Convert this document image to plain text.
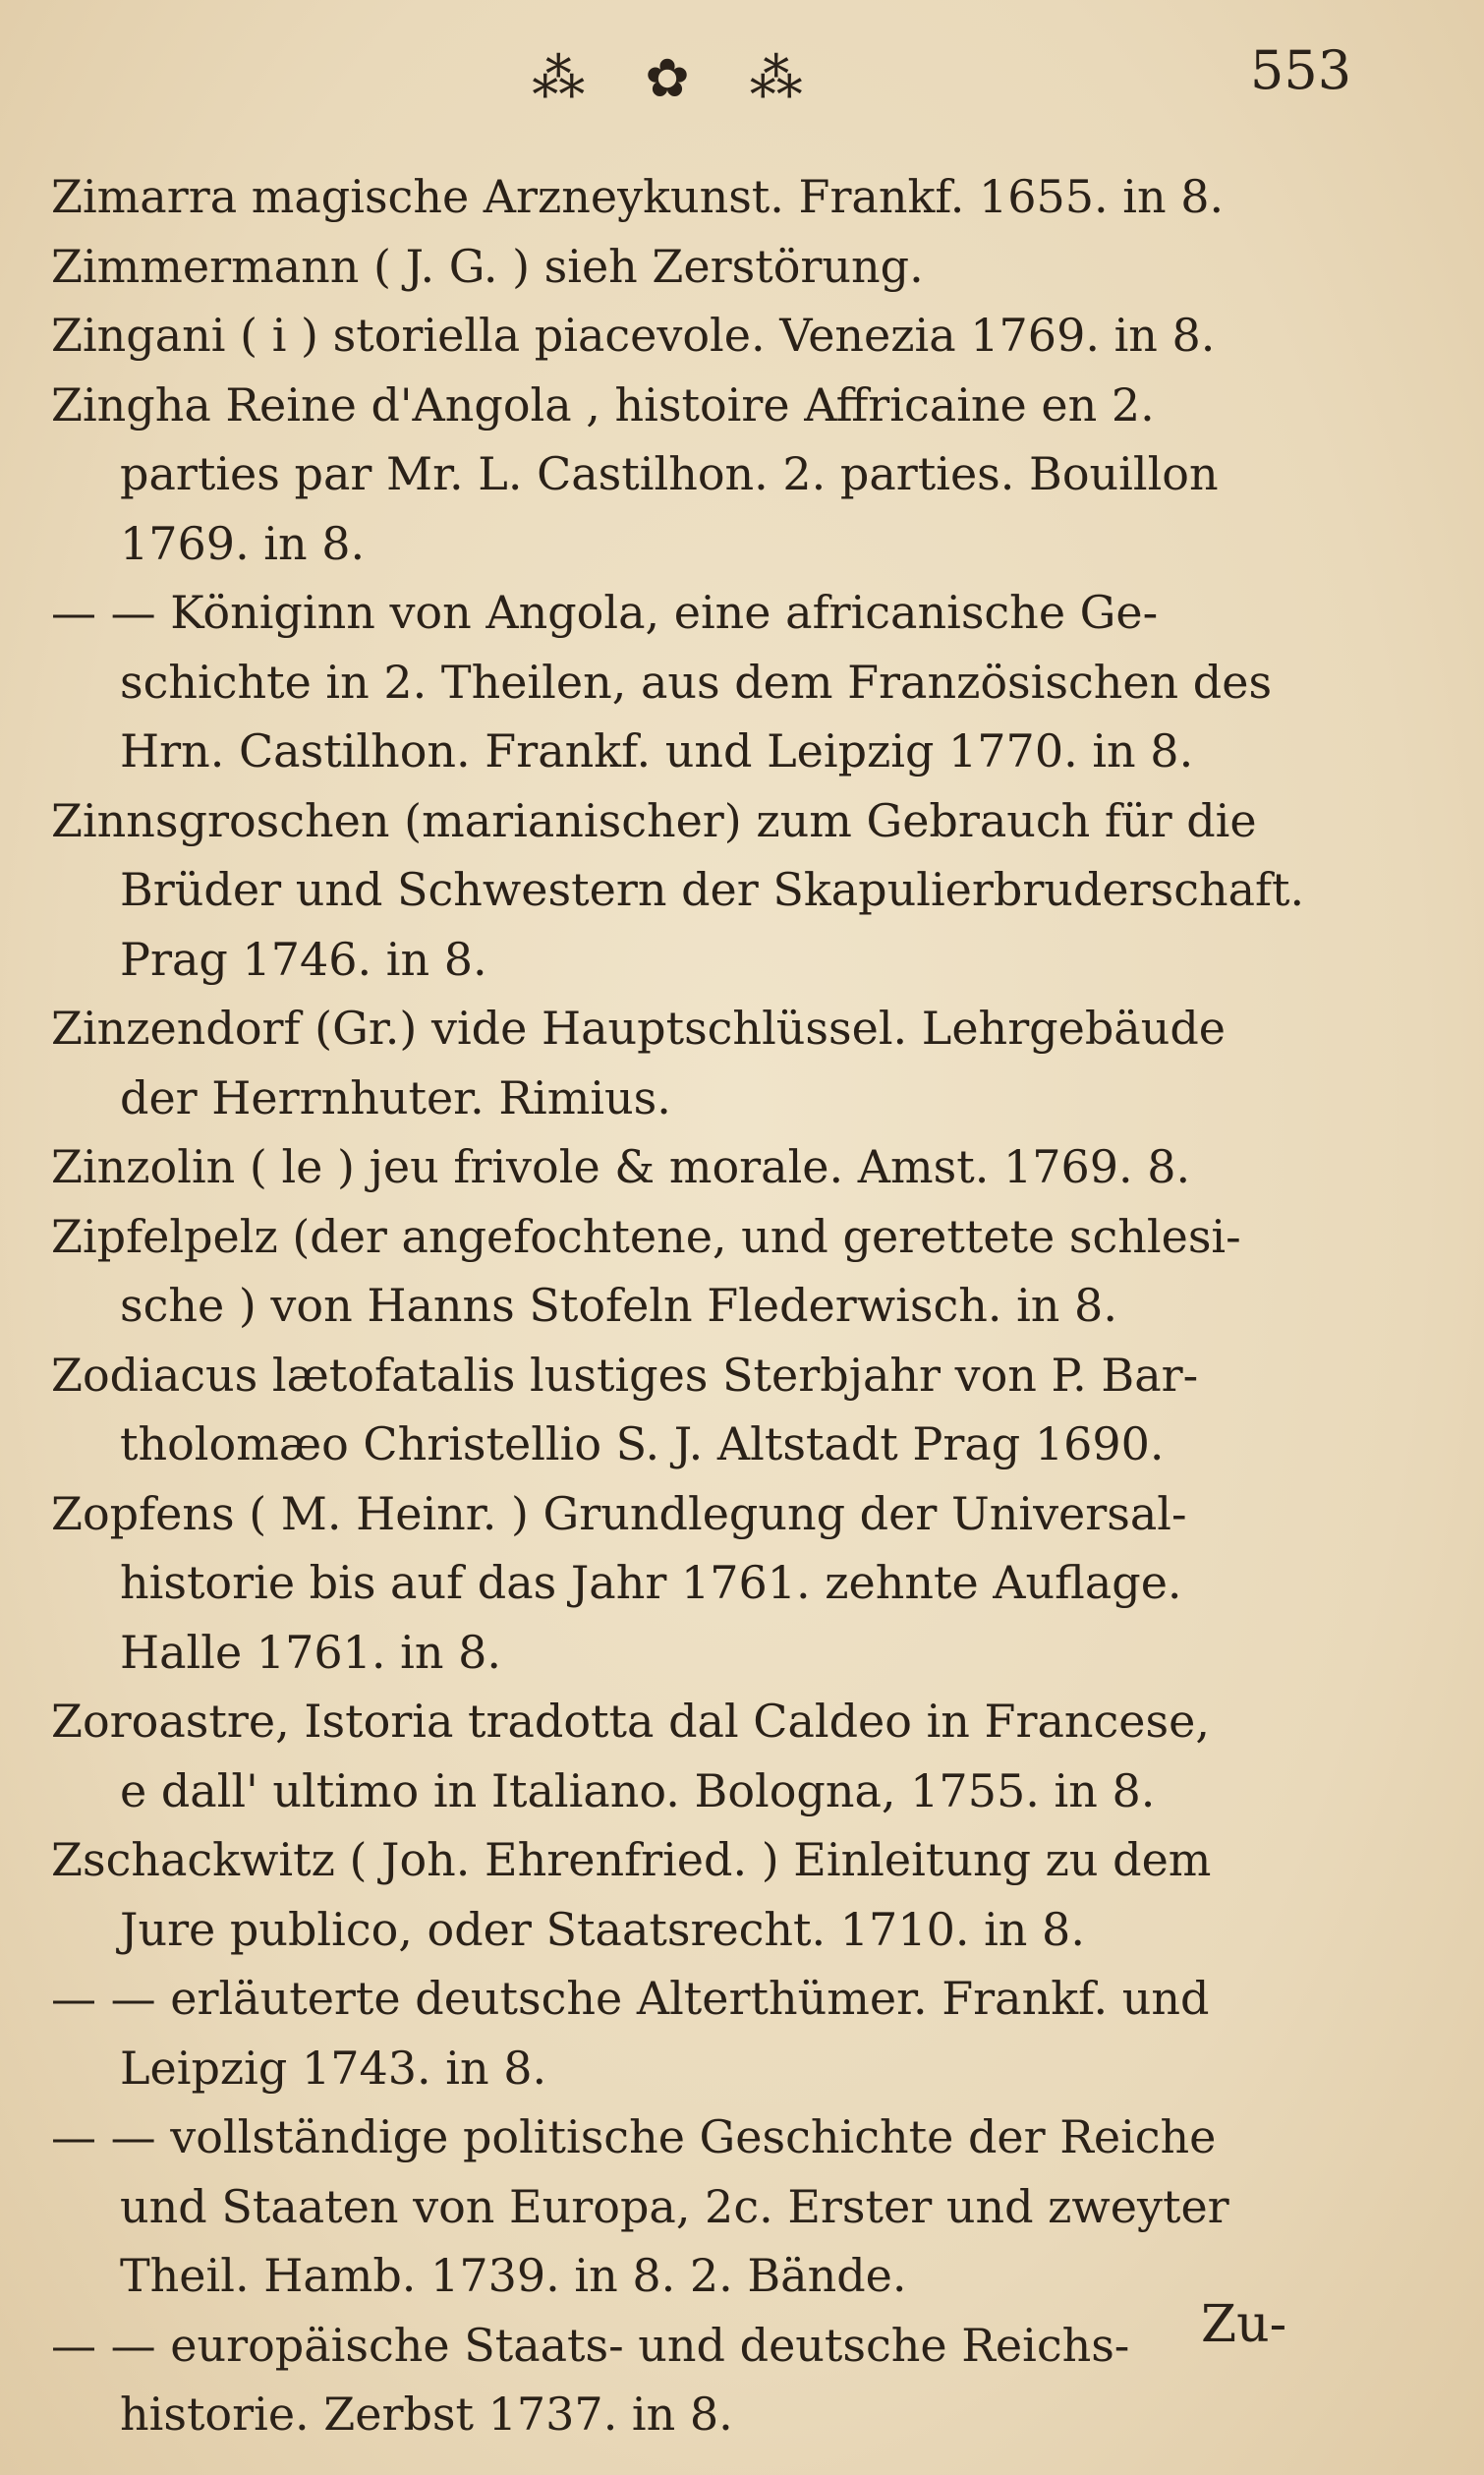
⁂ ✿ ⁂	553
Zimarra magische Arzneykunst. Frankf. 1655. in 8.
Zimmermann ( J. G. ) sieh Zerstörung.
Zingani ( i ) storiella piacevole. Venezia 1769. in 8.
Zingha Reine d'Angola , histoire Affricaine en 2.
parties par Mr. L. Castilhon. 2. parties. Bouillon
1769. in 8.
— — Königinn von Angola, eine africanische Ge-
schichte in 2. Theilen, aus dem Französischen des
Hrn. Castilhon. Frankf. und Leipzig 1770. in 8.
Zinnsgroschen (marianischer) zum Gebrauch für die
Brüder und Schwestern der Skapulierbruderschaft.
Prag 1746. in 8.
Zinzendorf (Gr.) vide Hauptschlüssel. Lehrgebäude
der Herrnhuter. Rimius.
Zinzolin ( le ) jeu frivole & morale. Amst. 1769. 8.
Zipfelpelz (der angefochtene, und gerettete schlesi-
sche ) von Hanns Stofeln Flederwisch. in 8.
Zodiacus lætofatalis lustiges Sterbjahr von P. Bar-
tholomæo Christellio S. J. Altstadt Prag 1690.
Zopfens ( M. Heinr. ) Grundlegung der Universal-
historie bis auf das Jahr 1761. zehnte Auflage.
Halle 1761. in 8.
Zoroastre, Istoria tradotta dal Caldeo in Francese,
e dall' ultimo in Italiano. Bologna, 1755. in 8.
Zschackwitz ( Joh. Ehrenfried. ) Einleitung zu dem
Jure publico, oder Staatsrecht. 1710. in 8.
— — erläuterte deutsche Alterthümer. Frankf. und
Leipzig 1743. in 8.
— — vollständige politische Geschichte der Reiche
und Staaten von Europa, 2c. Erster und zweyter
Theil. Hamb. 1739. in 8. 2. Bände.
— — europäische Staats- und deutsche Reichs-
historie. Zerbst 1737. in 8.
Zu-
